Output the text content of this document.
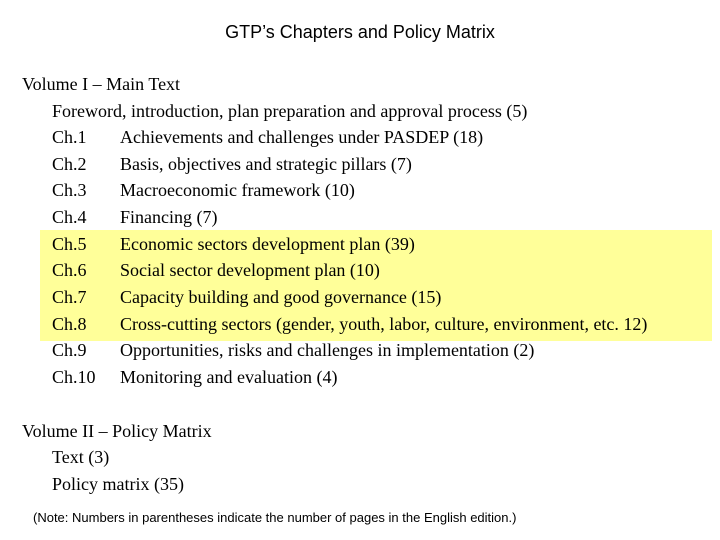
GTP’s Chapters and Policy Matrix
Volume I – Main Text
Foreword, introduction, plan preparation and approval process (5)
Ch.1 Achievements and challenges under PASDEP (18)
Ch.2 Basis, objectives and strategic pillars (7)
Ch.3 Macroeconomic framework (10)
Ch.4 Financing (7)
Ch.5 Economic sectors development plan (39)
Ch.6 Social sector development plan (10)
Ch.7 Capacity building and good governance (15)
Ch.8 Cross-cutting sectors (gender, youth, labor, culture, environment, etc. 12)
Ch.9 Opportunities, risks and challenges in implementation (2)
Ch.10 Monitoring and evaluation (4)
Volume II – Policy Matrix
Text (3)
Policy matrix (35)
(Note: Numbers in parentheses indicate the number of pages in the English edition.)
